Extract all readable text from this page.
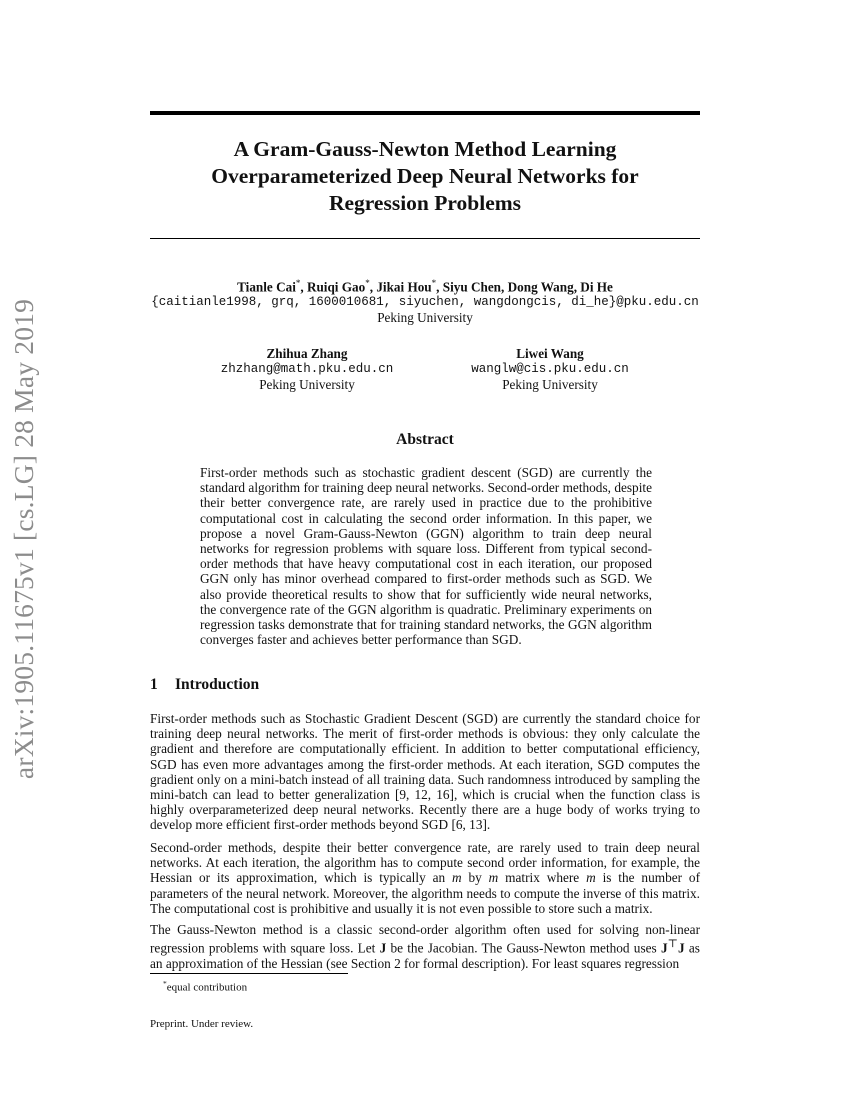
arXiv:1905.11675v1 [cs.LG] 28 May 2019
A Gram-Gauss-Newton Method Learning
Overparameterized Deep Neural Networks for
Regression Problems
Tianle Cai*, Ruiqi Gao*, Jikai Hou*, Siyu Chen, Dong Wang, Di He
{caitianle1998, grq, 1600010681, siyuchen, wangdongcis, di_he}@pku.edu.cn
Peking University
Zhihua Zhang
zhzhang@math.pku.edu.cn
Peking University
Liwei Wang
wanglw@cis.pku.edu.cn
Peking University
Abstract

First-order methods such as stochastic gradient descent (SGD) are currently the standard algorithm for training deep neural networks. Second-order methods, despite their better convergence rate, are rarely used in practice due to the prohibitive computational cost in calculating the second order information. In this paper, we propose a novel Gram-Gauss-Newton (GGN) algorithm to train deep neural networks for regression problems with square loss. Different from typical second-order methods that have heavy computational cost in each iteration, our proposed GGN only has minor overhead compared to first-order methods such as SGD. We also provide theoretical results to show that for sufficiently wide neural networks, the convergence rate of the GGN algorithm is quadratic. Preliminary experiments on regression tasks demonstrate that for training standard networks, the GGN algorithm converges faster and achieves better performance than SGD.

1 Introduction

First-order methods such as Stochastic Gradient Descent (SGD) are currently the standard choice for training deep neural networks. The merit of first-order methods is obvious: they only calculate the gradient and therefore are computationally efficient. In addition to better computational efficiency, SGD has even more advantages among the first-order methods. At each iteration, SGD computes the gradient only on a mini-batch instead of all training data. Such randomness introduced by sampling the mini-batch can lead to better generalization [9, 12, 16], which is crucial when the function class is highly overparameterized deep neural networks. Recently there are a huge body of works trying to develop more efficient first-order methods beyond SGD [6, 13].

Second-order methods, despite their better convergence rate, are rarely used to train deep neural networks. At each iteration, the algorithm has to compute second order information, for example, the Hessian or its approximation, which is typically an m by m matrix where m is the number of parameters of the neural network. Moreover, the algorithm needs to compute the inverse of this matrix. The computational cost is prohibitive and usually it is not even possible to store such a matrix.

The Gauss-Newton method is a classic second-order algorithm often used for solving non-linear regression problems with square loss. Let J be the Jacobian. The Gauss-Newton method uses J⊤J as an approximation of the Hessian (see Section 2 for formal description). For least squares regression

*equal contribution
Preprint. Under review.
